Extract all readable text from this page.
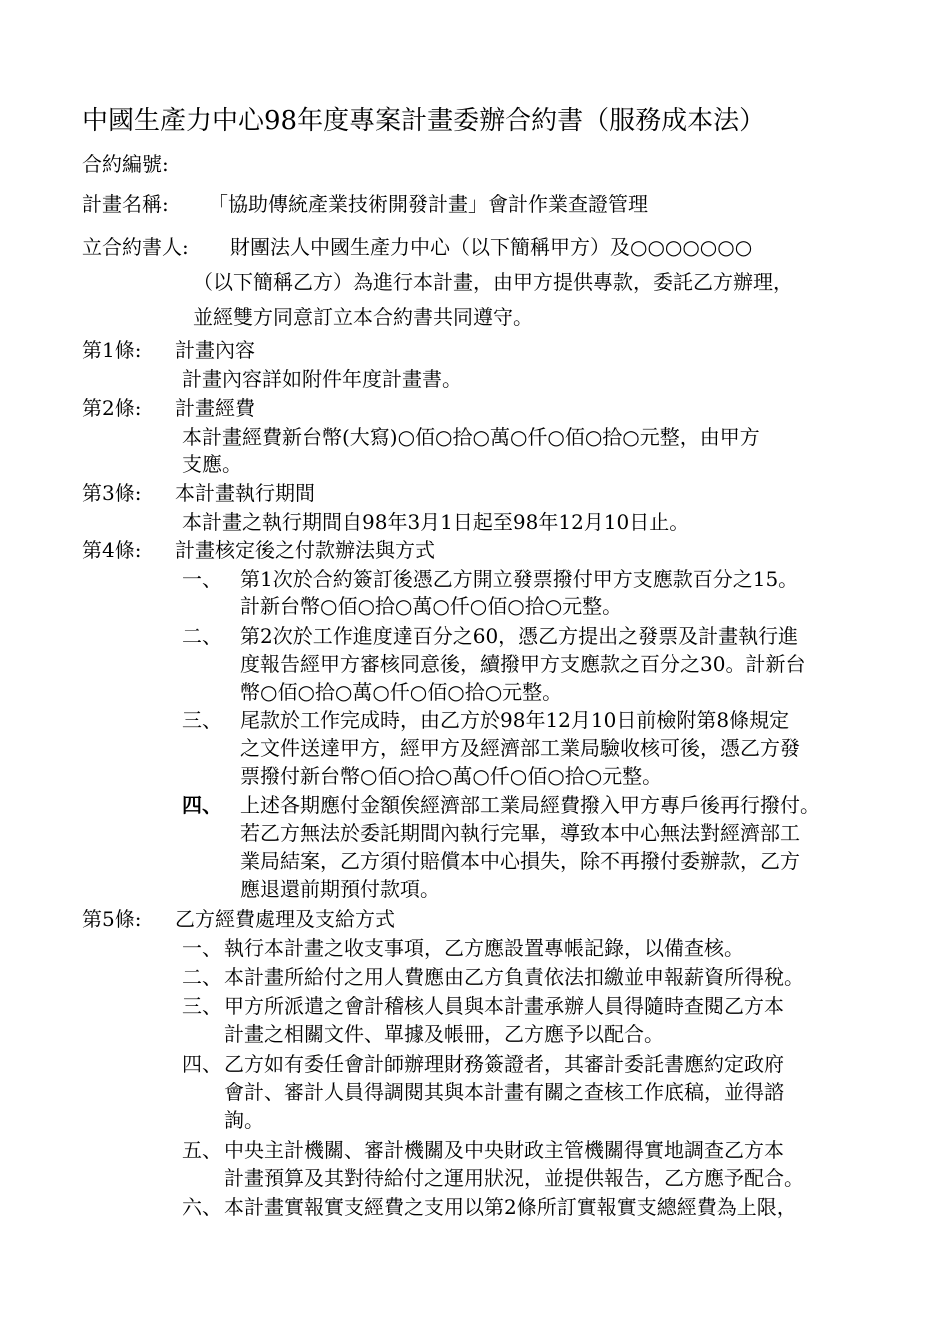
中國生產力中心98年度專案計畫委辦合約書（服務成本法）
合約編號:
計畫名稱: 「協助傳統產業技術開發計畫」會計作業查證管理
立合約書人: 財團法人中國生產力中心（以下簡稱甲方）及○○○○○○○
（以下簡稱乙方）為進行本計畫，由甲方提供專款，委託乙方辦理，
並經雙方同意訂立本合約書共同遵守。
第1條: 計畫內容
計畫內容詳如附件年度計畫書。
第2條: 計畫經費
本計畫經費新台幣(大寫)○佰○拾○萬○仟○佰○拾○元整，由甲方
支應。
第3條: 本計畫執行期間
本計畫之執行期間自98年3月1日起至98年12月10日止。
第4條: 計畫核定後之付款辦法與方式
一、 第1次於合約簽訂後憑乙方開立發票撥付甲方支應款百分之15。
計新台幣○佰○拾○萬○仟○佰○拾○元整。
二、 第2次於工作進度達百分之60，憑乙方提出之發票及計畫執行進
度報告經甲方審核同意後，續撥甲方支應款之百分之30。計新台
幣○佰○拾○萬○仟○佰○拾○元整。
三、 尾款於工作完成時，由乙方於98年12月10日前檢附第8條規定
之文件送達甲方，經甲方及經濟部工業局驗收核可後，憑乙方發
票撥付新台幣○佰○拾○萬○仟○佰○拾○元整。
四、 上述各期應付金額俟經濟部工業局經費撥入甲方專戶後再行撥付。
若乙方無法於委託期間內執行完畢，導致本中心無法對經濟部工
業局結案，乙方須付賠償本中心損失，除不再撥付委辦款，乙方
應退還前期預付款項。
第5條: 乙方經費處理及支給方式
一、 執行本計畫之收支事項，乙方應設置專帳記錄，以備查核。
二、 本計畫所給付之用人費應由乙方負責依法扣繳並申報薪資所得稅。
三、 甲方所派遣之會計稽核人員與本計畫承辦人員得隨時查閱乙方本
計畫之相關文件、單據及帳冊，乙方應予以配合。
四、 乙方如有委任會計師辦理財務簽證者，其審計委託書應約定政府
會計、審計人員得調閱其與本計畫有關之查核工作底稿，並得諮
詢。
五、 中央主計機關、審計機關及中央財政主管機關得實地調查乙方本
計畫預算及其對待給付之運用狀況，並提供報告，乙方應予配合。
六、 本計畫實報實支經費之支用以第2條所訂實報實支總經費為上限，
